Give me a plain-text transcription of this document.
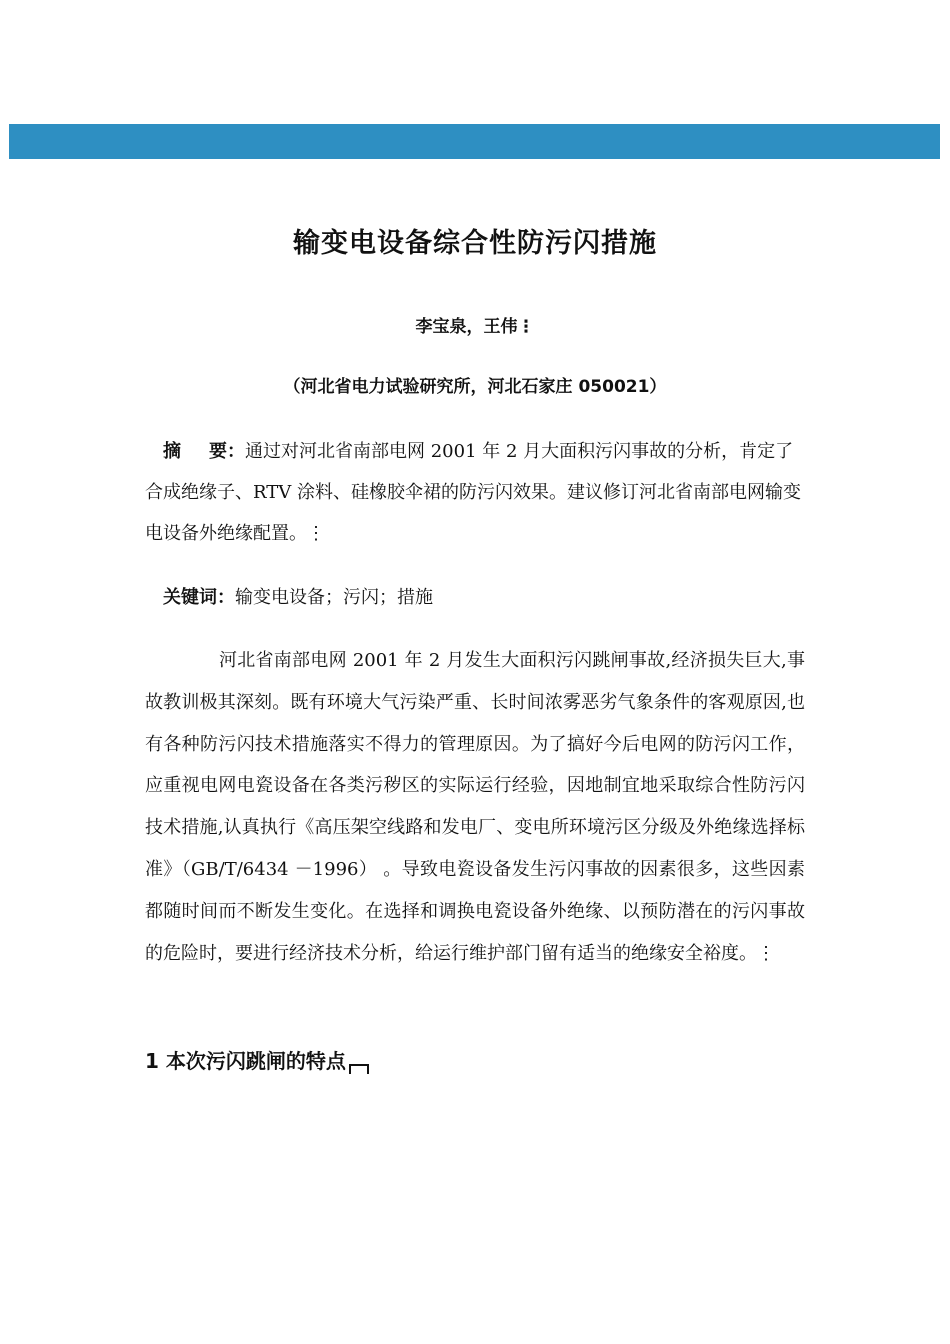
输变电设备综合性防污闪措施
李宝泉，王伟⋮
（河北省电力试验研究所，河北石家庄 050021）

摘 要：通过对河北省南部电网 2001 年 2 月大面积污闪事故的分析，肯定了合成绝缘子、RTV 涂料、硅橡胶伞裙的防污闪效果。建议修订河北省南部电网输变电设备外绝缘配置。⋮

关键词：输变电设备；污闪；措施

河北省南部电网 2001 年 2 月发生大面积污闪跳闸事故,经济损失巨大,事故教训极其深刻。既有环境大气污染严重、长时间浓雾恶劣气象条件的客观原因,也有各种防污闪技术措施落实不得力的管理原因。为了搞好今后电网的防污闪工作，应重视电网电瓷设备在各类污秽区的实际运行经验，因地制宜地采取综合性防污闪技术措施,认真执行《高压架空线路和发电厂、变电所环境污区分级及外绝缘选择标准》（GB/T/6434 －1996） 。导致电瓷设备发生污闪事故的因素很多，这些因素都随时间而不断发生变化。在选择和调换电瓷设备外绝缘、以预防潜在的污闪事故的危险时，要进行经济技术分析，给运行维护部门留有适当的绝缘安全裕度。⋮

1 本次污闪跳闸的特点
